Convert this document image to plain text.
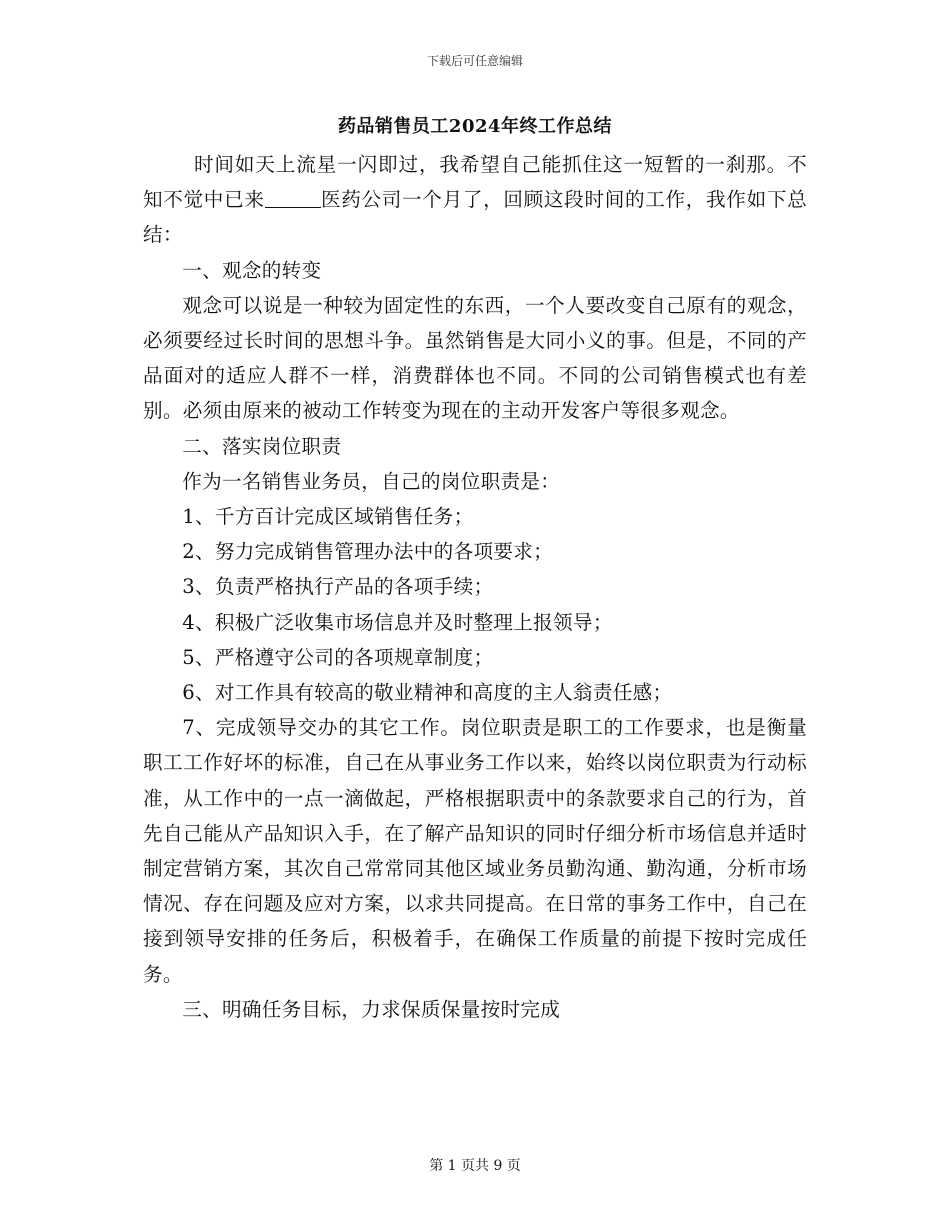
下载后可任意编辑
药品销售员工2024年终工作总结

时间如天上流星一闪即过，我希望自己能抓住这一短暂的一刹那。不知不觉中已来	医药公司一个月了，回顾这段时间的工作，我作如下总结：

一、观念的转变

观念可以说是一种较为固定性的东西，一个人要改变自己原有的观念，必须要经过长时间的思想斗争。虽然销售是大同小义的事。但是，不同的产品面对的适应人群不一样，消费群体也不同。不同的公司销售模式也有差别。必须由原来的被动工作转变为现在的主动开发客户等很多观念。

二、落实岗位职责

作为一名销售业务员，自己的岗位职责是：

1、千方百计完成区域销售任务；

2、努力完成销售管理办法中的各项要求；

3、负责严格执行产品的各项手续；

4、积极广泛收集市场信息并及时整理上报领导；

5、严格遵守公司的各项规章制度；

6、对工作具有较高的敬业精神和高度的主人翁责任感；

7、完成领导交办的其它工作。岗位职责是职工的工作要求，也是衡量职工工作好坏的标准，自己在从事业务工作以来，始终以岗位职责为行动标准，从工作中的一点一滴做起，严格根据职责中的条款要求自己的行为，首先自己能从产品知识入手，在了解产品知识的同时仔细分析市场信息并适时制定营销方案，其次自己常常同其他区域业务员勤沟通、勤沟通，分析市场情况、存在问题及应对方案，以求共同提高。在日常的事务工作中，自己在接到领导安排的任务后，积极着手，在确保工作质量的前提下按时完成任务。

三、明确任务目标，力求保质保量按时完成

第 1 页共 9 页
